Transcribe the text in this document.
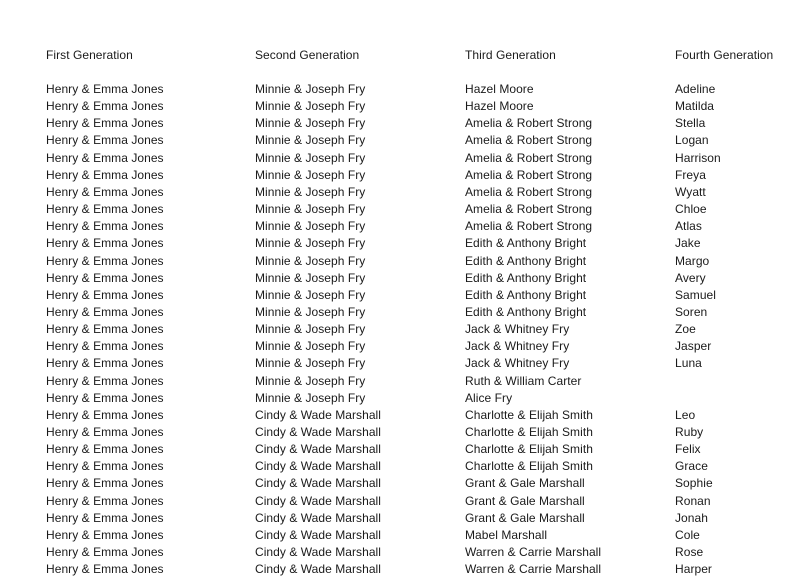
First Generation	Second Generation	Third Generation	Fourth Generation
Henry & Emma Jones	Minnie & Joseph Fry	Hazel Moore	Adeline
Henry & Emma Jones	Minnie & Joseph Fry	Hazel Moore	Matilda
Henry & Emma Jones	Minnie & Joseph Fry	Amelia & Robert Strong	Stella
Henry & Emma Jones	Minnie & Joseph Fry	Amelia & Robert Strong	Logan
Henry & Emma Jones	Minnie & Joseph Fry	Amelia & Robert Strong	Harrison
Henry & Emma Jones	Minnie & Joseph Fry	Amelia & Robert Strong	Freya
Henry & Emma Jones	Minnie & Joseph Fry	Amelia & Robert Strong	Wyatt
Henry & Emma Jones	Minnie & Joseph Fry	Amelia & Robert Strong	Chloe
Henry & Emma Jones	Minnie & Joseph Fry	Amelia & Robert Strong	Atlas
Henry & Emma Jones	Minnie & Joseph Fry	Edith & Anthony Bright	Jake
Henry & Emma Jones	Minnie & Joseph Fry	Edith & Anthony Bright	Margo
Henry & Emma Jones	Minnie & Joseph Fry	Edith & Anthony Bright	Avery
Henry & Emma Jones	Minnie & Joseph Fry	Edith & Anthony Bright	Samuel
Henry & Emma Jones	Minnie & Joseph Fry	Edith & Anthony Bright	Soren
Henry & Emma Jones	Minnie & Joseph Fry	Jack & Whitney Fry	Zoe
Henry & Emma Jones	Minnie & Joseph Fry	Jack & Whitney Fry	Jasper
Henry & Emma Jones	Minnie & Joseph Fry	Jack & Whitney Fry	Luna
Henry & Emma Jones	Minnie & Joseph Fry	Ruth & William Carter
Henry & Emma Jones	Minnie & Joseph Fry	Alice Fry
Henry & Emma Jones	Cindy & Wade Marshall	Charlotte & Elijah Smith	Leo
Henry & Emma Jones	Cindy & Wade Marshall	Charlotte & Elijah Smith	Ruby
Henry & Emma Jones	Cindy & Wade Marshall	Charlotte & Elijah Smith	Felix
Henry & Emma Jones	Cindy & Wade Marshall	Charlotte & Elijah Smith	Grace
Henry & Emma Jones	Cindy & Wade Marshall	Grant & Gale Marshall	Sophie
Henry & Emma Jones	Cindy & Wade Marshall	Grant & Gale Marshall	Ronan
Henry & Emma Jones	Cindy & Wade Marshall	Grant & Gale Marshall	Jonah
Henry & Emma Jones	Cindy & Wade Marshall	Mabel Marshall	Cole
Henry & Emma Jones	Cindy & Wade Marshall	Warren & Carrie Marshall	Rose
Henry & Emma Jones	Cindy & Wade Marshall	Warren & Carrie Marshall	Harper
